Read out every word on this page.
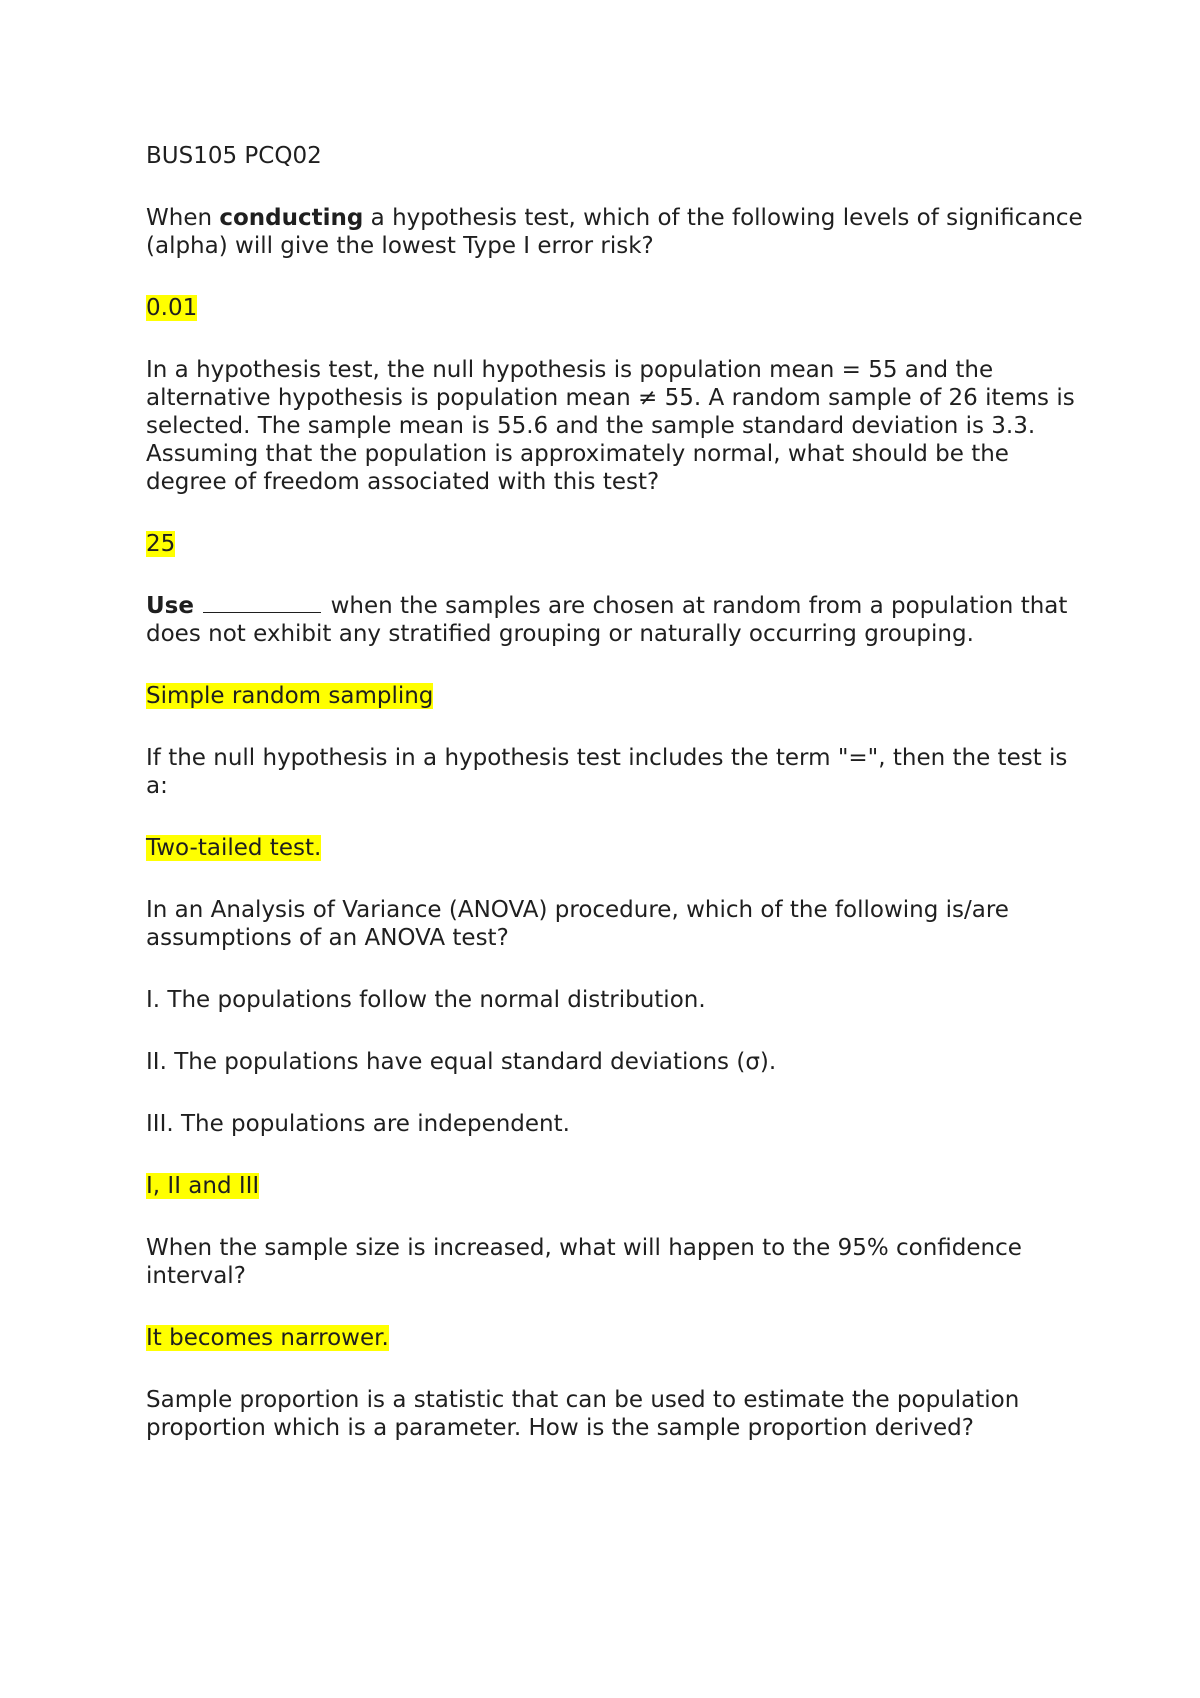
BUS105 PCQ02

When conducting a hypothesis test, which of the following levels of significance (alpha) will give the lowest Type I error risk?

0.01

In a hypothesis test, the null hypothesis is population mean = 55 and the alternative hypothesis is population mean ≠ 55. A random sample of 26 items is selected. The sample mean is 55.6 and the sample standard deviation is 3.3. Assuming that the population is approximately normal, what should be the degree of freedom associated with this test?

25

Use	when the samples are chosen at random from a population that does not exhibit any stratified grouping or naturally occurring grouping.

Simple random sampling

If the null hypothesis in a hypothesis test includes the term "=", then the test is a:

Two-tailed test.

In an Analysis of Variance (ANOVA) procedure, which of the following is/are assumptions of an ANOVA test?

I. The populations follow the normal distribution.

II. The populations have equal standard deviations (σ).

III. The populations are independent.

I, II and III

When the sample size is increased, what will happen to the 95% confidence interval?

It becomes narrower.

Sample proportion is a statistic that can be used to estimate the population proportion which is a parameter. How is the sample proportion derived?
